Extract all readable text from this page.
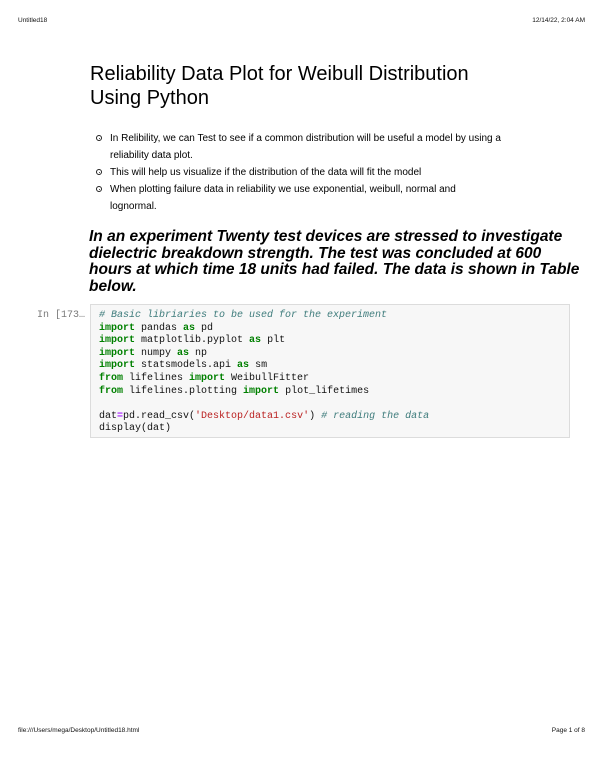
Untitled18	12/14/22, 2:04 AM
Reliability Data Plot for Weibull Distribution
Using Python
In Relibility, we can Test to see if a common distribution will be useful a model by using a
reliability data plot.
This will help us visualize if the distribution of the data will fit the model
When plotting failure data in reliability we use exponential, weibull, normal and
lognormal.
In an experiment Twenty test devices are stressed to investigate
dielectric breakdown strength. The test was concluded at 600
hours at which time 18 units had failed. The data is shown in Table
below.
In [173… # Basic libriaries to be used for the experiment
import pandas as pd
import matplotlib.pyplot as plt
import numpy as np
import statsmodels.api as sm
from lifelines import WeibullFitter
from lifelines.plotting import plot_lifetimes
dat=pd.read_csv('Desktop/data1.csv') # reading the data
display(dat)
file:///Users/mega/Desktop/Untitled18.html	Page 1 of 8
